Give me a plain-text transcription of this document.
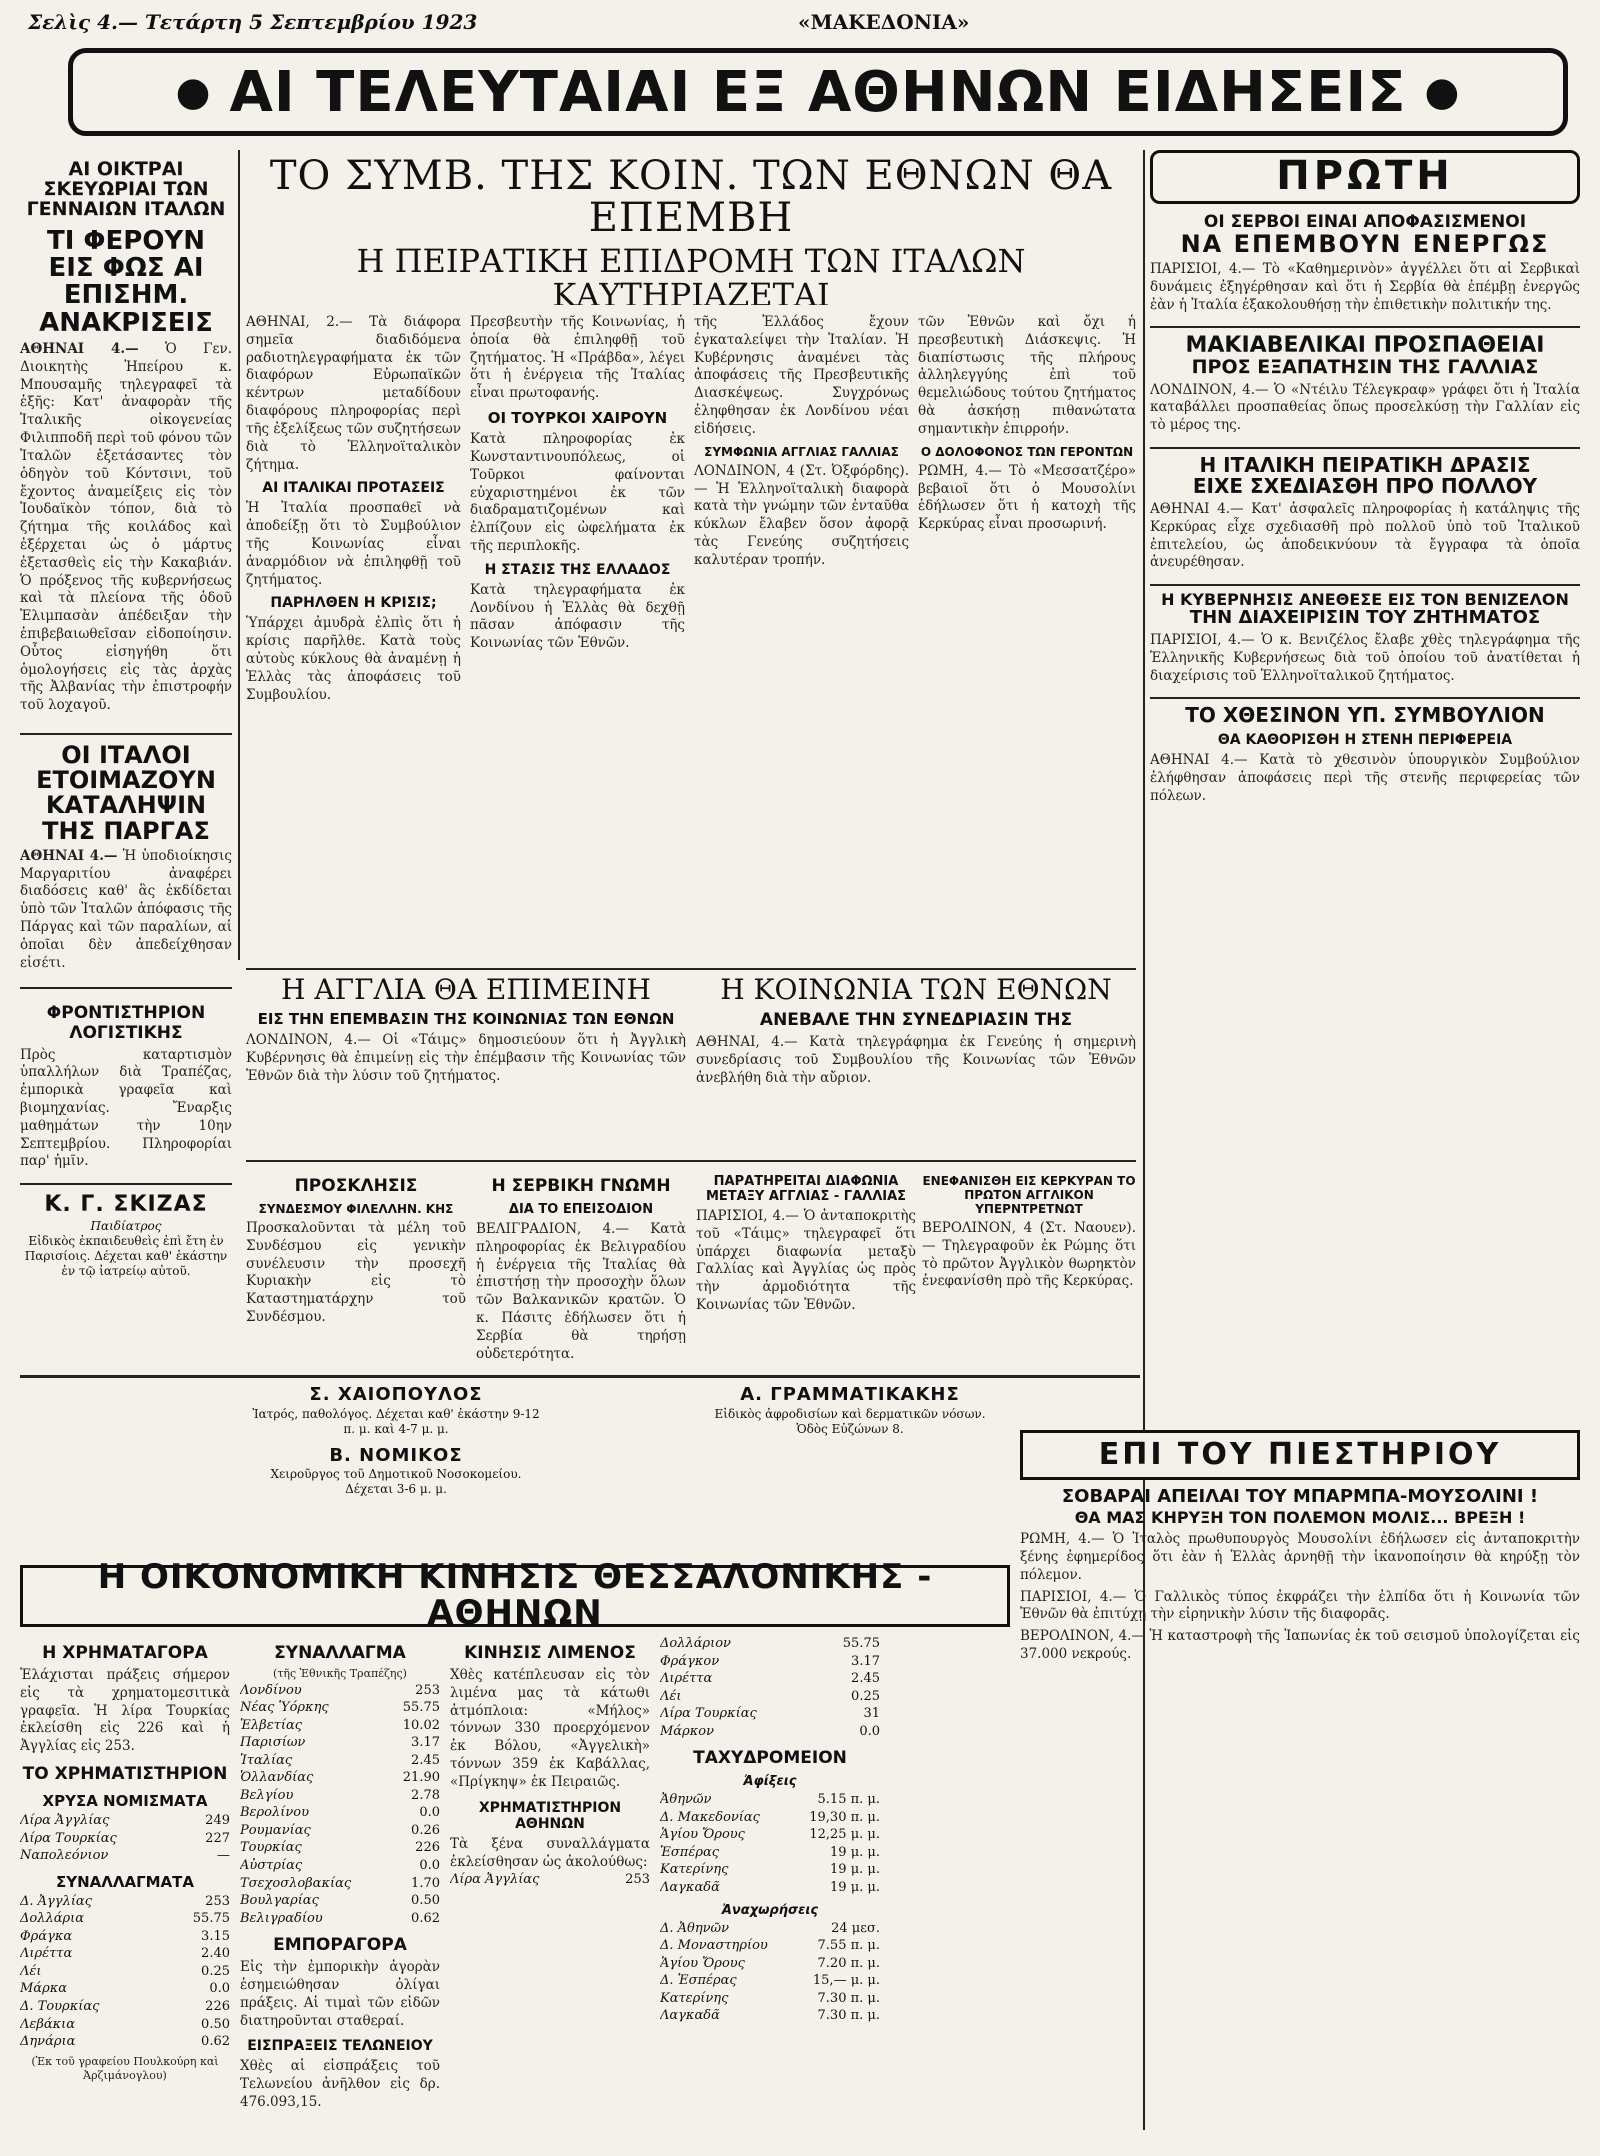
Σελὶς 4.— Τετάρτη 5 Σεπτεμβρίου 1923	«ΜΑΚΕΔΟΝΙΑ»
● ΑΙ ΤΕΛΕΥΤΑΙΑΙ ΕΞ ΑΘΗΝΩΝ ΕΙΔΗΣΕΙΣ ●

ΑΙ ΟΙΚΤΡΑΙ ΣΚΕΥΩΡΙΑΙ ΤΩΝ ΓΕΝΝΑΙΩΝ ΙΤΑΛΩΝ

ΤΙ ΦΕΡΟΥΝ ΕΙΣ ΦΩΣ ΑΙ ΕΠΙΣΗΜ. ΑΝΑΚΡΙΣΕΙΣ

ΑΘΗΝΑΙ 4.— Ὁ Γεν. Διοικητὴς Ἠπείρου κ. Μπουσαμῆς τηλεγραφεῖ τὰ ἑξῆς: Κατ' ἀναφορὰν τῆς Ἱταλικῆς οἰκογενείας Φιλιπποδῆ περὶ τοῦ φόνου τῶν Ἰταλῶν ἐξετάσαντες τὸν ὁδηγὸν τοῦ Κόντσινι, τοῦ ἔχοντος ἀναμείξεις εἰς τὸν Ἰουδαϊκὸν τόπον, διὰ τὸ ζήτημα τῆς κοιλάδος καὶ ἐξέρχεται ὡς ὁ μάρτυς ἐξετασθεὶς εἰς τὴν Κακαβιάν. Ὁ πρόξενος τῆς κυβερνήσεως καὶ τὰ πλείονα τῆς ὁδοῦ Ἐλιμπασὰν ἀπέδειξαν τὴν ἐπιβεβαιωθεῖσαν εἰδοποίησιν. Οὗτος εἰσηγήθη ὅτι ὁμολογήσεις εἰς τὰς ἀρχὰς τῆς Ἀλβανίας τὴν ἐπιστροφήν τοῦ λοχαγοῦ.

ΟΙ ΙΤΑΛΟΙ ΕΤΟΙΜΑΖΟΥΝ ΚΑΤΑΛΗΨΙΝ ΤΗΣ ΠΑΡΓΑΣ

ΑΘΗΝΑΙ 4.— Ἡ ὑποδιοίκησις Μαργαριτίου ἀναφέρει διαδόσεις καθ' ἃς ἐκδίδεται ὑπὸ τῶν Ἰταλῶν ἀπόφασις τῆς Πάργας καὶ τῶν παραλίων, αἱ ὁποῖαι δὲν ἀπεδείχθησαν εἰσέτι.

ΦΡΟΝΤΙΣΤΗΡΙΟΝ ΛΟΓΙΣΤΙΚΗΣ

Πρὸς καταρτισμὸν ὑπαλλήλων διὰ Τραπέζας, ἐμπορικὰ γραφεῖα καὶ βιομηχανίας. Ἔναρξις μαθημάτων τὴν 10ην Σεπτεμβρίου. Πληροφορίαι παρ' ἡμῖν.

Κ. Γ. ΣΚΙΖΑΣ
Παιδίατρος
Εἰδικὸς ἐκπαιδευθεὶς ἐπὶ ἔτη ἐν Παρισίοις. Δέχεται καθ' ἑκάστην ἐν τῷ ἰατρείῳ αὐτοῦ.

ΤΟ ΣΥΜΒ. ΤΗΣ ΚΟΙΝ. ΤΩΝ ΕΘΝΩΝ ΘΑ ΕΠΕΜΒΗ

Η ΠΕΙΡΑΤΙΚΗ ΕΠΙΔΡΟΜΗ ΤΩΝ ΙΤΑΛΩΝ ΚΑΥΤΗΡΙΑΖΕΤΑΙ

ΑΘΗΝΑΙ, 2.— Τὰ διάφορα σημεῖα διαδιδόμενα ραδιοτηλεγραφήματα ἐκ τῶν διαφόρων Εὐρωπαϊκῶν κέντρων μεταδίδουν διαφόρους πληροφορίας περὶ τῆς ἐξελίξεως τῶν συζητήσεων διὰ τὸ Ἑλληνοϊταλικὸν ζήτημα.

ΑΙ ΙΤΑΛΙΚΑΙ ΠΡΟΤΑΣΕΙΣ

Ἡ Ἰταλία προσπαθεῖ νὰ ἀποδείξῃ ὅτι τὸ Συμβούλιον τῆς Κοινωνίας εἶναι ἀναρμόδιον νὰ ἐπιληφθῇ τοῦ ζητήματος.

ΠΑΡΗΛΘΕΝ Η ΚΡΙΣΙΣ;

Ὑπάρχει ἀμυδρὰ ἐλπὶς ὅτι ἡ κρίσις παρῆλθε. Κατὰ τοὺς αὐτοὺς κύκλους θὰ ἀναμένῃ ἡ Ἑλλὰς τὰς ἀποφάσεις τοῦ Συμβουλίου.

Πρεσβευτὴν τῆς Κοινωνίας, ἡ ὁποία θὰ ἐπιληφθῇ τοῦ ζητήματος. Ἡ «Πράβδα», λέγει ὅτι ἡ ἐνέργεια τῆς Ἰταλίας εἶναι πρωτοφανής.

ΟΙ ΤΟΥΡΚΟΙ ΧΑΙΡΟΥΝ

Κατὰ πληροφορίας ἐκ Κωνσταντινουπόλεως, οἱ Τοῦρκοι φαίνονται εὐχαριστημένοι ἐκ τῶν διαδραματιζομένων καὶ ἐλπίζουν εἰς ὠφελήματα ἐκ τῆς περιπλοκῆς.

Η ΣΤΑΣΙΣ ΤΗΣ ΕΛΛΑΔΟΣ

Κατὰ τηλεγραφήματα ἐκ Λονδίνου ἡ Ἑλλὰς θὰ δεχθῇ πᾶσαν ἀπόφασιν τῆς Κοινωνίας τῶν Ἐθνῶν.

τῆς Ἑλλάδος ἔχουν ἐγκαταλείψει τὴν Ἰταλίαν. Ἡ Κυβέρνησις ἀναμένει τὰς ἀποφάσεις τῆς Πρεσβευτικῆς Διασκέψεως. Συγχρόνως ἐληφθησαν ἐκ Λονδίνου νέαι εἰδήσεις.

ΣΥΜΦΩΝΙΑ ΑΓΓΛΙΑΣ ΓΑΛΛΙΑΣ

ΛΟΝΔΙΝΟΝ, 4 (Στ. Ὀξφόρδης).— Ἡ Ἑλληνοϊταλικὴ διαφορὰ κατὰ τὴν γνώμην τῶν ἐνταῦθα κύκλων ἔλαβεν ὅσον ἀφορᾷ τὰς Γενεύης συζητήσεις καλυτέραν τροπήν.

τῶν Ἐθνῶν καὶ ὄχι ἡ πρεσβευτικὴ Διάσκεψις. Ἡ διαπίστωσις τῆς πλήρους ἀλληλεγγύης ἐπὶ τοῦ θεμελιώδους τούτου ζητήματος θὰ ἀσκήσῃ πιθανώτατα σημαντικὴν ἐπιρροήν.

Ο ΔΟΛΟΦΟΝΟΣ ΤΩΝ ΓΕΡΟΝΤΩΝ

ΡΩΜΗ, 4.— Τὸ «Μεσσατζέρο» βεβαιοῖ ὅτι ὁ Μουσολίνι ἐδήλωσεν ὅτι ἡ κατοχὴ τῆς Κερκύρας εἶναι προσωρινή.

Η ΑΓΓΛΙΑ ΘΑ ΕΠΙΜΕΙΝΗ

ΕΙΣ ΤΗΝ ΕΠΕΜΒΑΣΙΝ ΤΗΣ ΚΟΙΝΩΝΙΑΣ ΤΩΝ ΕΘΝΩΝ

ΛΟΝΔΙΝΟΝ, 4.— Οἱ «Τάιμς» δημοσιεύουν ὅτι ἡ Ἀγγλικὴ Κυβέρνησις θὰ ἐπιμείνῃ εἰς τὴν ἐπέμβασιν τῆς Κοινωνίας τῶν Ἐθνῶν διὰ τὴν λύσιν τοῦ ζητήματος.

Η ΚΟΙΝΩΝΙΑ ΤΩΝ ΕΘΝΩΝ

ΑΝΕΒΑΛΕ ΤΗΝ ΣΥΝΕΔΡΙΑΣΙΝ ΤΗΣ

ΑΘΗΝΑΙ, 4.— Κατὰ τηλεγράφημα ἐκ Γενεύης ἡ σημερινὴ συνεδρίασις τοῦ Συμβουλίου τῆς Κοινωνίας τῶν Ἐθνῶν ἀνεβλήθη διὰ τὴν αὔριον.

ΠΡΟΣΚΛΗΣΙΣ

ΣΥΝΔΕΣΜΟΥ ΦΙΛΕΛΛΗΝ. ΚΗΣ

Προσκαλοῦνται τὰ μέλη τοῦ Συνδέσμου εἰς γενικὴν συνέλευσιν τὴν προσεχῆ Κυριακὴν εἰς τὸ Καταστηματάρχην τοῦ Συνδέσμου.

Η ΣΕΡΒΙΚΗ ΓΝΩΜΗ

ΔΙΑ ΤΟ ΕΠΕΙΣΟΔΙΟΝ

ΒΕΛΙΓΡΑΔΙΟΝ, 4.— Κατὰ πληροφορίας ἐκ Βελιγραδίου ἡ ἐνέργεια τῆς Ἰταλίας θὰ ἐπιστήσῃ τὴν προσοχὴν ὅλων τῶν Βαλκανικῶν κρατῶν. Ὁ κ. Πάσιτς ἐδήλωσεν ὅτι ἡ Σερβία θὰ τηρήσῃ οὐδετερότητα.

ΠΑΡΑΤΗΡΕΙΤΑΙ ΔΙΑΦΩΝΙΑ ΜΕΤΑΞΥ ΑΓΓΛΙΑΣ - ΓΑΛΛΙΑΣ

ΠΑΡΙΣΙΟΙ, 4.— Ὁ ἀνταποκριτὴς τοῦ «Τάιμς» τηλεγραφεῖ ὅτι ὑπάρχει διαφωνία μεταξὺ Γαλλίας καὶ Ἀγγλίας ὡς πρὸς τὴν ἁρμοδιότητα τῆς Κοινωνίας τῶν Ἐθνῶν.

ΕΝΕΦΑΝΙΣΘΗ ΕΙΣ ΚΕΡΚΥΡΑΝ ΤΟ ΠΡΩΤΟΝ ΑΓΓΛΙΚΟΝ ΥΠΕΡΝΤΡΕΤΝΩΤ

ΒΕΡΟΛΙΝΟΝ, 4 (Στ. Ναουεν).— Τηλεγραφοῦν ἐκ Ρώμης ὅτι τὸ πρῶτον Ἀγγλικὸν θωρηκτὸν ἐνεφανίσθη πρὸ τῆς Κερκύρας.

ΠΡΩΤΗ

ΟΙ ΣΕΡΒΟΙ ΕΙΝΑΙ ΑΠΟΦΑΣΙΣΜΕΝΟΙ

ΝΑ ΕΠΕΜΒΟΥΝ ΕΝΕΡΓΩΣ

ΠΑΡΙΣΙΟΙ, 4.— Τὸ «Καθημερινὸν» ἀγγέλλει ὅτι αἱ Σερβικαὶ δυνάμεις ἐξηγέρθησαν καὶ ὅτι ἡ Σερβία θὰ ἐπέμβῃ ἐνεργῶς ἐὰν ἡ Ἰταλία ἐξακολουθήσῃ τὴν ἐπιθετικὴν πολιτικήν της.

ΜΑΚΙΑΒΕΛΙΚΑΙ ΠΡΟΣΠΑΘΕΙΑΙ

ΠΡΟΣ ΕΞΑΠΑΤΗΣΙΝ ΤΗΣ ΓΑΛΛΙΑΣ

ΛΟΝΔΙΝΟΝ, 4.— Ὁ «Ντέιλυ Τέλεγκραφ» γράφει ὅτι ἡ Ἰταλία καταβάλλει προσπαθείας ὅπως προσελκύσῃ τὴν Γαλλίαν εἰς τὸ μέρος της.

Η ΙΤΑΛΙΚΗ ΠΕΙΡΑΤΙΚΗ ΔΡΑΣΙΣ

ΕΙΧΕ ΣΧΕΔΙΑΣΘΗ ΠΡΟ ΠΟΛΛΟΥ

ΑΘΗΝΑΙ 4.— Κατ' ἀσφαλεῖς πληροφορίας ἡ κατάληψις τῆς Κερκύρας εἶχε σχεδιασθῆ πρὸ πολλοῦ ὑπὸ τοῦ Ἰταλικοῦ ἐπιτελείου, ὡς ἀποδεικνύουν τὰ ἔγγραφα τὰ ὁποῖα ἀνευρέθησαν.

Η ΚΥΒΕΡΝΗΣΙΣ ΑΝΕΘΕΣΕ ΕΙΣ ΤΟΝ ΒΕΝΙΖΕΛΟΝ

ΤΗΝ ΔΙΑΧΕΙΡΙΣΙΝ ΤΟΥ ΖΗΤΗΜΑΤΟΣ

ΠΑΡΙΣΙΟΙ, 4.— Ὁ κ. Βενιζέλος ἔλαβε χθὲς τηλεγράφημα τῆς Ἑλληνικῆς Κυβερνήσεως διὰ τοῦ ὁποίου τοῦ ἀνατίθεται ἡ διαχείρισις τοῦ Ἑλληνοϊταλικοῦ ζητήματος.

ΤΟ ΧΘΕΣΙΝΟΝ ΥΠ. ΣΥΜΒΟΥΛΙΟΝ

ΘΑ ΚΑΘΟΡΙΣΘΗ Η ΣΤΕΝΗ ΠΕΡΙΦΕΡΕΙΑ

ΑΘΗΝΑΙ 4.— Κατὰ τὸ χθεσινὸν ὑπουργικὸν Συμβούλιον ἐλήφθησαν ἀποφάσεις περὶ τῆς στενῆς περιφερείας τῶν πόλεων.

ΕΠΙ ΤΟΥ ΠΙΕΣΤΗΡΙΟΥ

ΣΟΒΑΡΑΙ ΑΠΕΙΛΑΙ ΤΟΥ ΜΠΑΡΜΠΑ-ΜΟΥΣΟΛΙΝΙ !

ΘΑ ΜΑΣ ΚΗΡΥΞΗ ΤΟΝ ΠΟΛΕΜΟΝ ΜΟΛΙΣ... ΒΡΕΞΗ !

ΡΩΜΗ, 4.— Ὁ Ἰταλὸς πρωθυπουργὸς Μουσολίνι ἐδήλωσεν εἰς ἀνταποκριτὴν ξένης ἐφημερίδος ὅτι ἐὰν ἡ Ἑλλὰς ἀρνηθῇ τὴν ἱκανοποίησιν θὰ κηρύξῃ τὸν πόλεμον.

ΠΑΡΙΣΙΟΙ, 4.— Ὁ Γαλλικὸς τύπος ἐκφράζει τὴν ἐλπίδα ὅτι ἡ Κοινωνία τῶν Ἐθνῶν θὰ ἐπιτύχῃ τὴν εἰρηνικὴν λύσιν τῆς διαφορᾶς.

ΒΕΡΟΛΙΝΟΝ, 4.— Ἡ καταστροφὴ τῆς Ἰαπωνίας ἐκ τοῦ σεισμοῦ ὑπολογίζεται εἰς 37.000 νεκρούς.

Σ. ΧΑΙΟΠΟΥΛΟΣ
Ἰατρός, παθολόγος. Δέχεται καθ' ἑκάστην 9-12 π. μ. καὶ 4-7 μ. μ.
Β. ΝΟΜΙΚΟΣ
Χειροῦργος τοῦ Δημοτικοῦ Νοσοκομείου. Δέχεται 3-6 μ. μ.
Α. ΓΡΑΜΜΑΤΙΚΑΚΗΣ
Εἰδικὸς ἀφροδισίων καὶ δερματικῶν νόσων. Ὁδὸς Εὐζώνων 8.
Η ΟΙΚΟΝΟΜΙΚΗ ΚΙΝΗΣΙΣ ΘΕΣΣΑΛΟΝΙΚΗΣ - ΑΘΗΝΩΝ

Η ΧΡΗΜΑΤΑΓΟΡΑ

Ἐλάχισται πράξεις σήμερον εἰς τὰ χρηματομεσιτικὰ γραφεῖα. Ἡ λίρα Τουρκίας ἐκλείσθη εἰς 226 καὶ ἡ Ἀγγλίας εἰς 253.

ΤΟ ΧΡΗΜΑΤΙΣΤΗΡΙΟΝ

ΧΡΥΣΑ ΝΟΜΙΣΜΑΤΑ

Λίρα Ἀγγλίας	249
Λίρα Τουρκίας	227
Ναπολεόνιον	—

ΣΥΝΑΛΛΑΓΜΑΤΑ

Δ. Ἀγγλίας	253
Δολλάρια	55.75
Φράγκα	3.15
Λιρέττα	2.40
Λέι	0.25
Μάρκα	0.0
Δ. Τουρκίας	226
Λεβάκια	0.50
Δηνάρια	0.62

(Ἐκ τοῦ γραφείου Πουλκούρη καὶ Ἀρζιμάνογλου)

ΣΥΝΑΛΛΑΓΜΑ

(τῆς Ἐθνικῆς Τραπέζης)

Λονδίνου	253
Νέας Ὑόρκης	55.75
Ἑλβετίας	10.02
Παρισίων	3.17
Ἰταλίας	2.45
Ὁλλανδίας	21.90
Βελγίου	2.78
Βερολίνου	0.0
Ρουμανίας	0.26
Τουρκίας	226
Αὐστρίας	0.0
Τσεχοσλοβακίας	1.70
Βουλγαρίας	0.50
Βελιγραδίου	0.62

ΕΜΠΟΡΑΓΟΡΑ

Εἰς τὴν ἐμπορικὴν ἀγορὰν ἐσημειώθησαν ὀλίγαι πράξεις. Αἱ τιμαὶ τῶν εἰδῶν διατηροῦνται σταθεραί.

ΕΙΣΠΡΑΞΕΙΣ ΤΕΛΩΝΕΙΟΥ

Χθὲς αἱ εἰσπράξεις τοῦ Τελωνείου ἀνῆλθον εἰς δρ. 476.093,15.

ΚΙΝΗΣΙΣ ΛΙΜΕΝΟΣ

Χθὲς κατέπλευσαν εἰς τὸν λιμένα μας τὰ κάτωθι ἀτμόπλοια: «Μήλος» τόννων 330 προερχόμενον ἐκ Βόλου, «Ἀγγελικὴ» τόννων 359 ἐκ Καβάλλας, «Πρίγκηψ» ἐκ Πειραιῶς.

ΧΡΗΜΑΤΙΣΤΗΡΙΟΝ ΑΘΗΝΩΝ

Τὰ ξένα συναλλάγματα ἐκλείσθησαν ὡς ἀκολούθως:

Λίρα Ἀγγλίας	253
Δολλάριον	55.75
Φράγκον	3.17
Λιρέττα	2.45
Λέι	0.25
Λίρα Τουρκίας	31
Μάρκον	0.0

ΤΑΧΥΔΡΟΜΕΙΟΝ

Ἀφίξεις

Ἀθηνῶν	5.15 π. μ.
Δ. Μακεδονίας	19,30 π. μ.
Ἁγίου Ὄρους	12,25 μ. μ.
Ἑσπέρας	19 μ. μ.
Κατερίνης	19 μ. μ.
Λαγκαδᾶ	19 μ. μ.

Ἀναχωρήσεις

Δ. Ἀθηνῶν	24 μεσ.
Δ. Μοναστηρίου	7.55 π. μ.
Ἁγίου Ὄρους	7.20 π. μ.
Δ. Ἑσπέρας	15,— μ. μ.
Κατερίνης	7.30 π. μ.
Λαγκαδᾶ	7.30 π. μ.
